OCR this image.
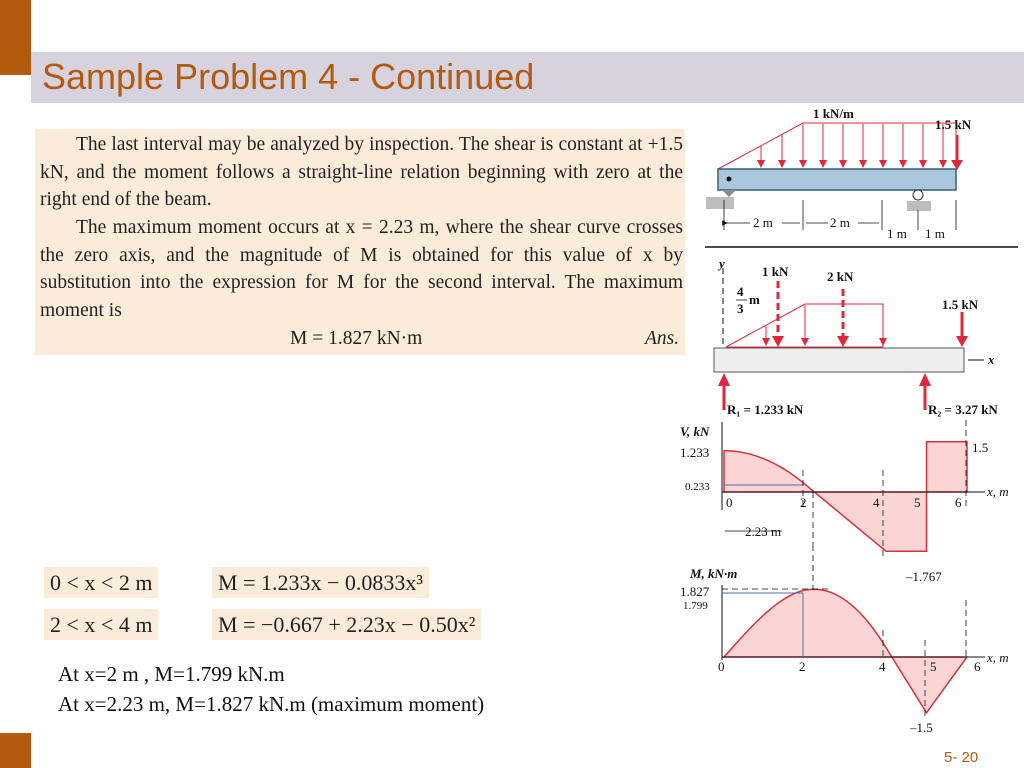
Sample Problem 4 - Continued
The last interval may be analyzed by inspection. The shear is constant at +1.5 kN, and the moment follows a straight-line relation beginning with zero at the right end of the beam.
The maximum moment occurs at x = 2.23 m, where the shear curve crosses the zero axis, and the magnitude of M is obtained for this value of x by substitution into the expression for M for the second interval. The maximum moment is
M = 1.827 kN·m	Ans.
0 < x < 2 m	M = 1.233x − 0.0833x³
2 < x < 4 m	M = −0.667 + 2.23x − 0.50x²
At x=2 m , M=1.799 kN.m
At x=2.23 m, M=1.827 kN.m (maximum moment)
5- 20
1 kN/m
1.5 kN
2 m	2 m
1 m 1 m
y
4
3
m
1 kN	2 kN
1.5 kN
x
R₁ = 1.233 kN	R₂ = 3.27 kN
2.23 m
V, kN
x, m
1.233
0.233
0	2	4	5	6
1.5
–1.767
M, kN·m
x, m
1.827
1.799
0	2	4	5	6
–1.5
